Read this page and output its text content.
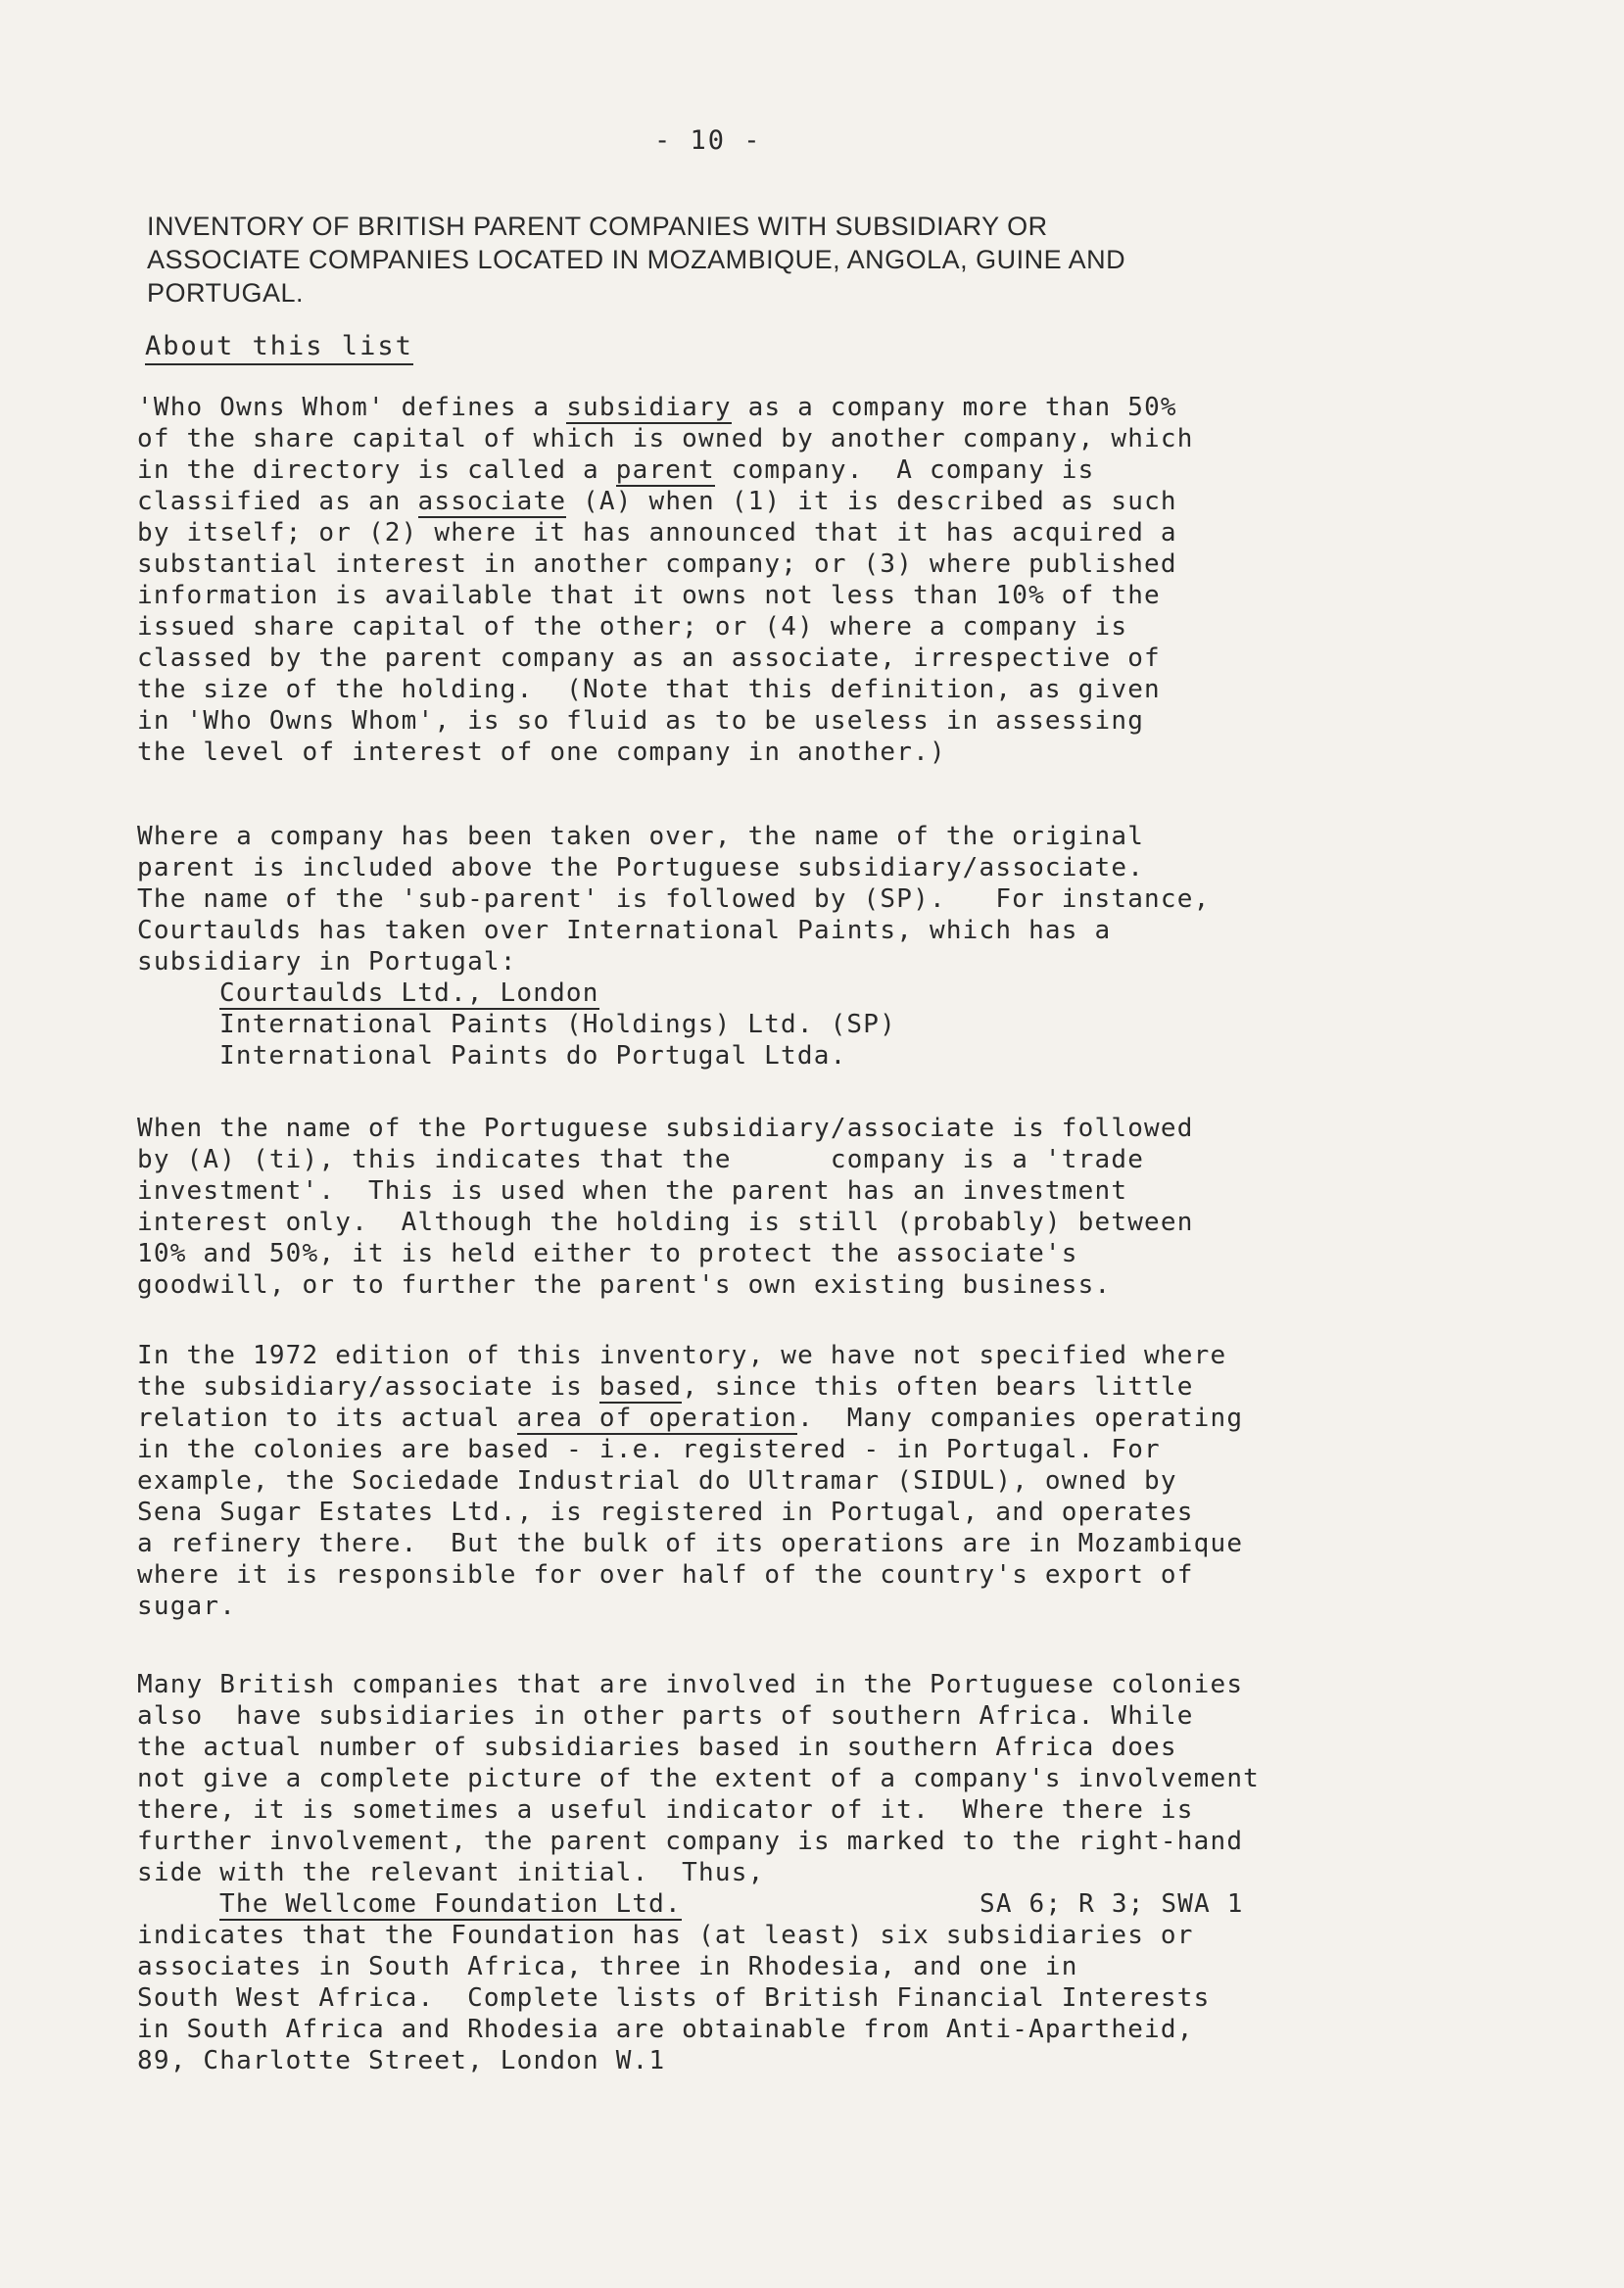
- 10 -
INVENTORY OF BRITISH PARENT COMPANIES WITH SUBSIDIARY OR
ASSOCIATE COMPANIES LOCATED IN MOZAMBIQUE, ANGOLA, GUINE AND
PORTUGAL.
About this list
'Who Owns Whom' defines a subsidiary as a company more than 50%
of the share capital of which is owned by another company, which
in the directory is called a parent company.  A company is
classified as an associate (A) when (1) it is described as such
by itself; or (2) where it has announced that it has acquired a
substantial interest in another company; or (3) where published
information is available that it owns not less than 10% of the
issued share capital of the other; or (4) where a company is
classed by the parent company as an associate, irrespective of
the size of the holding.  (Note that this definition, as given
in 'Who Owns Whom', is so fluid as to be useless in assessing
the level of interest of one company in another.)
Where a company has been taken over, the name of the original
parent is included above the Portuguese subsidiary/associate.
The name of the 'sub-parent' is followed by (SP).   For instance,
Courtaulds has taken over International Paints, which has a
subsidiary in Portugal:
Courtaulds Ltd., London
International Paints (Holdings) Ltd. (SP)
International Paints do Portugal Ltda.
When the name of the Portuguese subsidiary/associate is followed
by (A) (ti), this indicates that the      company is a 'trade
investment'.  This is used when the parent has an investment
interest only.  Although the holding is still (probably) between
10% and 50%, it is held either to protect the associate's
goodwill, or to further the parent's own existing business.
In the 1972 edition of this inventory, we have not specified where
the subsidiary/associate is based, since this often bears little
relation to its actual area of operation.  Many companies operating
in the colonies are based - i.e. registered - in Portugal. For
example, the Sociedade Industrial do Ultramar (SIDUL), owned by
Sena Sugar Estates Ltd., is registered in Portugal, and operates
a refinery there.  But the bulk of its operations are in Mozambique
where it is responsible for over half of the country's export of
sugar.
Many British companies that are involved in the Portuguese colonies
also  have subsidiaries in other parts of southern Africa. While
the actual number of subsidiaries based in southern Africa does
not give a complete picture of the extent of a company's involvement
there, it is sometimes a useful indicator of it.  Where there is
further involvement, the parent company is marked to the right-hand
side with the relevant initial.  Thus,
The Wellcome Foundation Ltd.	SA 6; R 3; SWA 1
indicates that the Foundation has (at least) six subsidiaries or
associates in South Africa, three in Rhodesia, and one in
South West Africa.  Complete lists of British Financial Interests
in South Africa and Rhodesia are obtainable from Anti-Apartheid,
89, Charlotte Street, London W.1
